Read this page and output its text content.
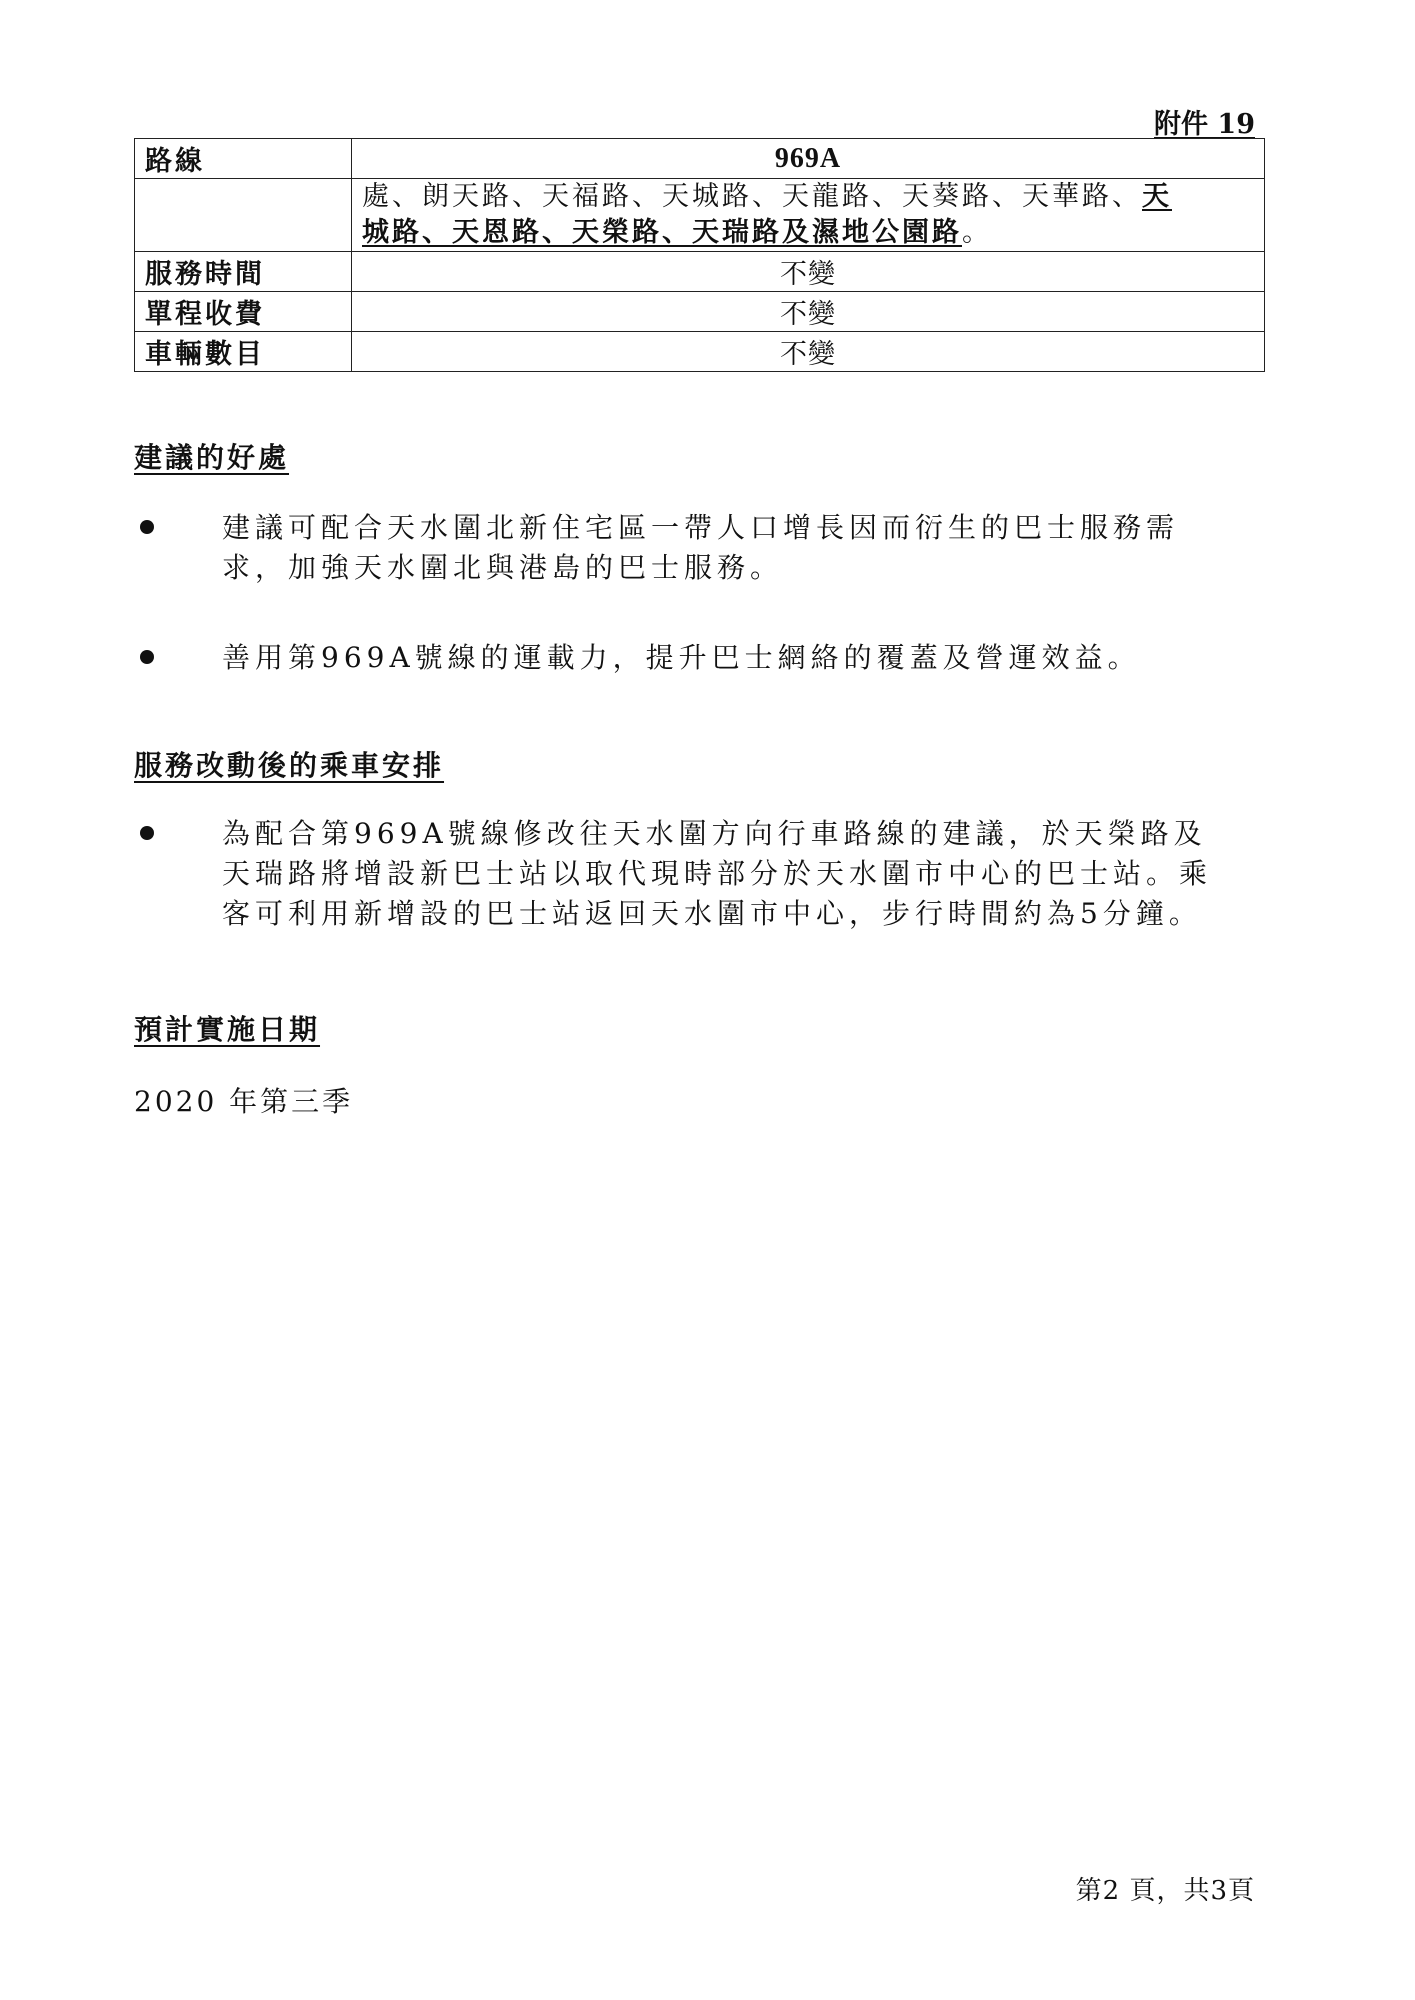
附件 19
路線	969A
	處、朗天路、天福路、天城路、天龍路、天葵路、天華路、天
城路、天恩路、天榮路、天瑞路及濕地公園路。
服務時間	不變
單程收費	不變
車輛數目	不變
建議的好處
建議可配合天水圍北新住宅區一帶人口增長因而衍生的巴士服務需求，加強天水圍北與港島的巴士服務。
善用第969A號線的運載力，提升巴士網絡的覆蓋及營運效益。
服務改動後的乘車安排
為配合第969A號線修改往天水圍方向行車路線的建議，於天榮路及天瑞路將增設新巴士站以取代現時部分於天水圍市中心的巴士站。乘客可利用新增設的巴士站返回天水圍市中心，步行時間約為5分鐘。
預計實施日期
2020 年第三季
第2 頁，共3頁
